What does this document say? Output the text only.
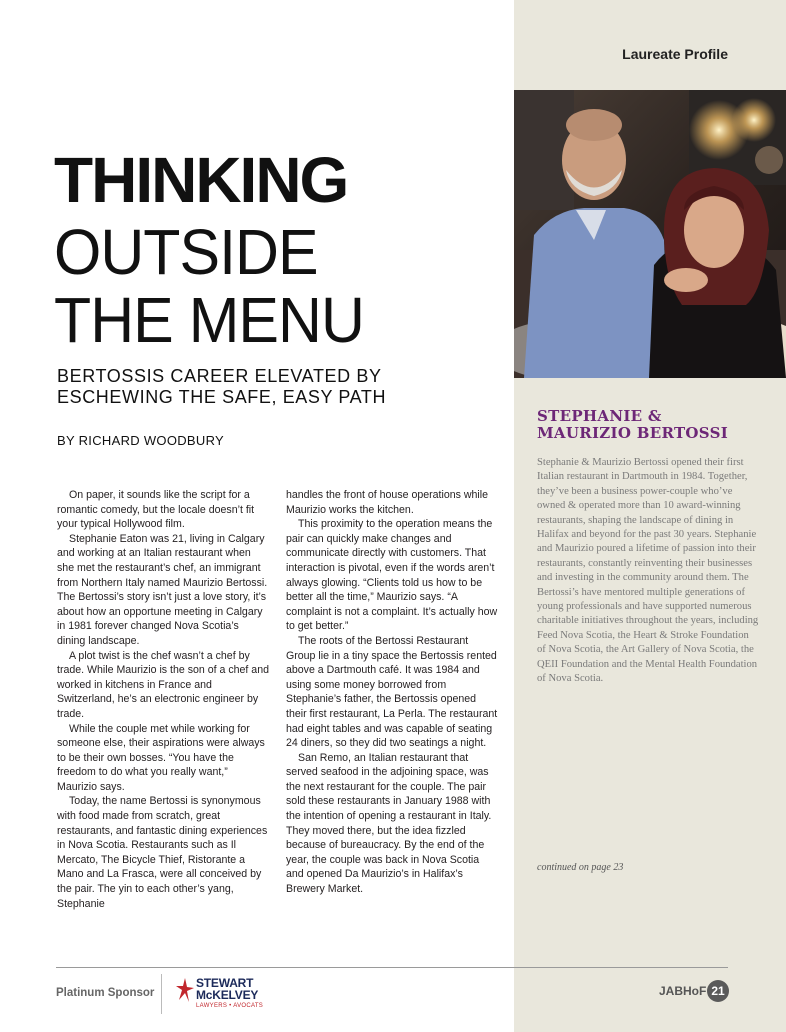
Laureate Profile
THINKING
OUTSIDE
THE MENU
BERTOSSIS CAREER ELEVATED BY
ESCHEWING THE SAFE, EASY PATH
BY RICHARD WOODBURY

On paper, it sounds like the script for a romantic comedy, but the locale doesn’t fit your typical Hollywood film.

Stephanie Eaton was 21, living in Calgary and working at an Italian restaurant when she met the restaurant’s chef, an immigrant from Northern Italy named Maurizio Bertossi. The Bertossi’s story isn’t just a love story, it’s about how an opportune meeting in Calgary in 1981 forever changed Nova Scotia’s dining landscape.

A plot twist is the chef wasn’t a chef by trade. While Maurizio is the son of a chef and worked in kitchens in France and Switzerland, he’s an electronic engineer by trade.

While the couple met while working for someone else, their aspirations were always to be their own bosses. “You have the freedom to do what you really want,” Maurizio says.

Today, the name Bertossi is synonymous with food made from scratch, great restaurants, and fantastic dining experiences in Nova Scotia. Restaurants such as Il Mercato, The Bicycle Thief, Ristorante a Mano and La Frasca, were all conceived by the pair. The yin to each other’s yang, Stephanie

handles the front of house operations while Maurizio works the kitchen.

This proximity to the operation means the pair can quickly make changes and communicate directly with customers. That interaction is pivotal, even if the words aren’t always glowing. “Clients told us how to be better all the time,” Maurizio says. “A complaint is not a complaint. It’s actually how to get better.”

The roots of the Bertossi Restaurant Group lie in a tiny space the Bertossis rented above a Dartmouth café. It was 1984 and using some money borrowed from Stephanie’s father, the Bertossis opened their first restaurant, La Perla. The restaurant had eight tables and was capable of seating 24 diners, so they did two seatings a night.

San Remo, an Italian restaurant that served seafood in the adjoining space, was the next restaurant for the couple. The pair sold these restaurants in January 1988 with the intention of opening a restaurant in Italy. They moved there, but the idea fizzled because of bureaucracy. By the end of the year, the couple was back in Nova Scotia and opened Da Maurizio’s in Halifax’s Brewery Market.

STEPHANIE &
MAURIZIO BERTOSSI

Stephanie & Maurizio Bertossi opened their first Italian restaurant in Dartmouth in 1984. Together, they’ve been a business power-couple who’ve owned & operated more than 10 award-winning restaurants, shaping the landscape of dining in Halifax and beyond for the past 30 years. Stephanie and Maurizio poured a lifetime of passion into their restaurants, constantly reinventing their businesses and investing in the community around them. The Bertossi’s have mentored multiple generations of young professionals and have supported numerous charitable initiatives throughout the years, including Feed Nova Scotia, the Heart & Stroke Foundation of Nova Scotia, the Art Gallery of Nova Scotia, the QEII Foundation and the Mental Health Foundation of Nova Scotia.

continued on page 23
Platinum Sponsor
STEWART
McKELVEY
LAWYERS • AVOCATS
JABHoF 21
